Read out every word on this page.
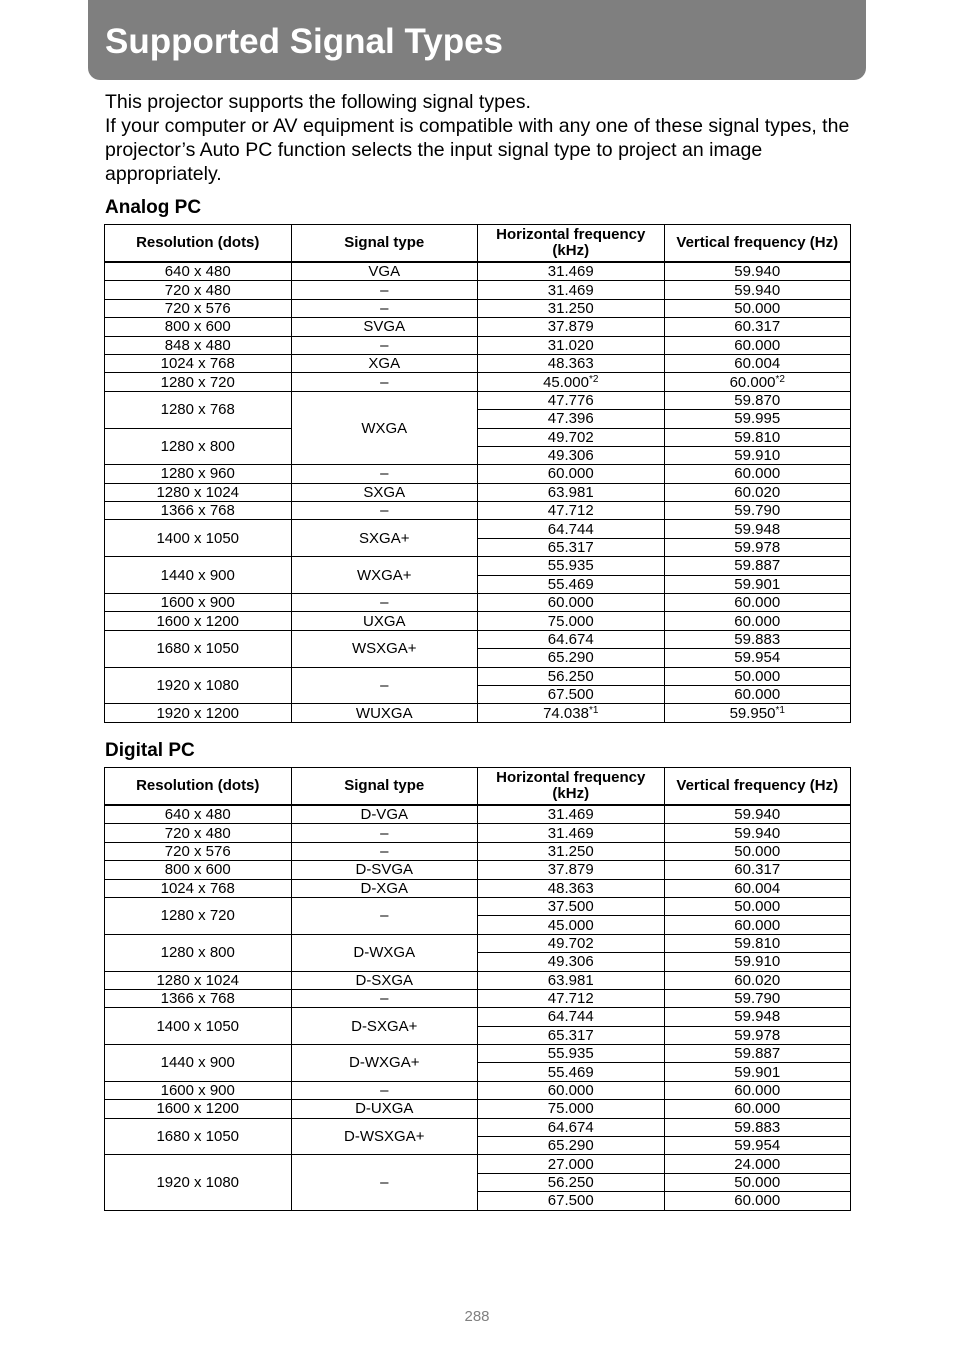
Supported Signal Types

This projector supports the following signal types.

If your computer or AV equipment is compatible with any one of these signal types, the projector’s Auto PC function selects the input signal type to project an image appropriately.

Analog PC
Resolution (dots)	Signal type	Horizontal frequency (kHz)	Vertical frequency (Hz)
640 x 480	VGA	31.469	59.940
720 x 480	–	31.469	59.940
720 x 576	–	31.250	50.000
800 x 600	SVGA	37.879	60.317
848 x 480	–	31.020	60.000
1024 x 768	XGA	48.363	60.004
1280 x 720	–	45.000$^{*2}$	60.000$^{*2}$
1280 x 768	WXGA	47.776	59.870
		47.396	59.995
1280 x 800		49.702	59.810
		49.306	59.910
1280 x 960	–	60.000	60.000
1280 x 1024	SXGA	63.981	60.020
1366 x 768	–	47.712	59.790
1400 x 1050	SXGA+	64.744	59.948
		65.317	59.978
1440 x 900	WXGA+	55.935	59.887
		55.469	59.901
1600 x 900	–	60.000	60.000
1600 x 1200	UXGA	75.000	60.000
1680 x 1050	WSXGA+	64.674	59.883
		65.290	59.954
1920 x 1080	–	56.250	50.000
		67.500	60.000
1920 x 1200	WUXGA	74.038$^{*1}$	59.950$^{*1}$
Digital PC
Resolution (dots)	Signal type	Horizontal frequency (kHz)	Vertical frequency (Hz)
640 x 480	D-VGA	31.469	59.940
720 x 480	–	31.469	59.940
720 x 576	–	31.250	50.000
800 x 600	D-SVGA	37.879	60.317
1024 x 768	D-XGA	48.363	60.004
1280 x 720	–	37.500	50.000
		45.000	60.000
1280 x 800	D-WXGA	49.702	59.810
		49.306	59.910
1280 x 1024	D-SXGA	63.981	60.020
1366 x 768	–	47.712	59.790
1400 x 1050	D-SXGA+	64.744	59.948
		65.317	59.978
1440 x 900	D-WXGA+	55.935	59.887
		55.469	59.901
1600 x 900	–	60.000	60.000
1600 x 1200	D-UXGA	75.000	60.000
1680 x 1050	D-WSXGA+	64.674	59.883
		65.290	59.954
1920 x 1080	–	27.000	24.000
		56.250	50.000
		67.500	60.000
288
